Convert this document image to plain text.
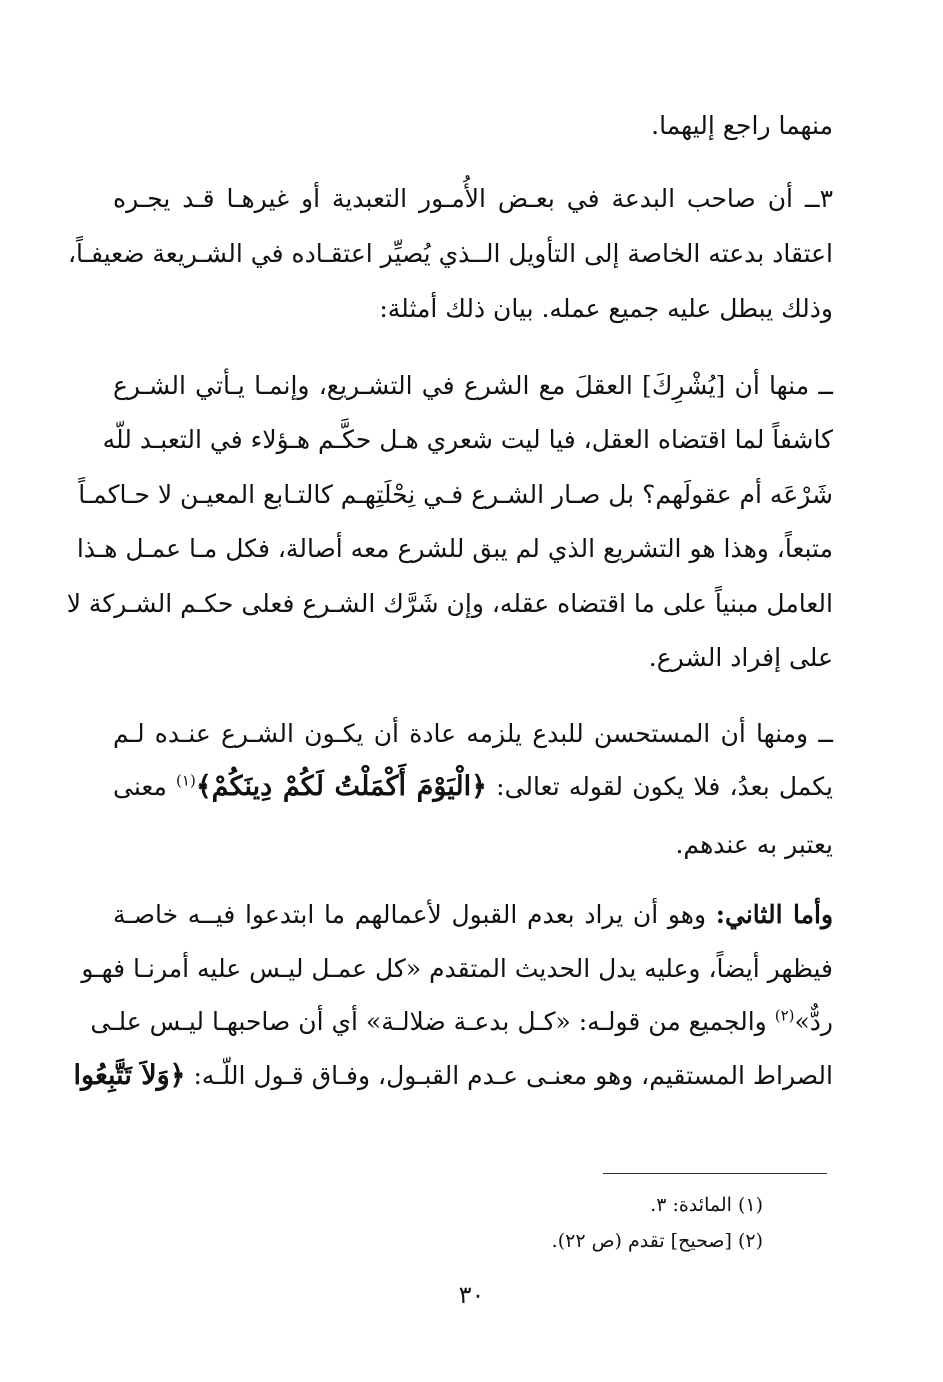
منهما راجع إليهما.
٣ــ أن صاحب البدعة في بعـض الأُمـور التعبدية أو غيرهـا قـد يجـره
اعتقاد بدعته الخاصة إلى التأويل الــذي يُصيِّر اعتقـاده في الشـريعة ضعيفـاً،
وذلك يبطل عليه جميع عمله. بيان ذلك أمثلة:
ــ منها أن [يُشْرِكَ] العقلَ مع الشرع في التشـريع، وإنمـا يـأتي الشـرع
كاشفاً لما اقتضاه العقل، فيا ليت شعري هـل حكَّـم هـؤلاء في التعبـد للّه
شَرْعَه أم عقولَهم؟ بل صـار الشـرع فـي نِحْلَتِهـم كالتـابع المعيـن لا حـاكمـاً
متبعاً، وهذا هو التشريع الذي لم يبق للشرع معه أصالة، فكل مـا عمـل هـذا
العامل مبنياً على ما اقتضاه عقله، وإن شَرَّك الشـرع فعلى حكـم الشـركة لا
على إفراد الشرع.
ــ ومنها أن المستحسن للبدع يلزمه عادة أن يكـون الشـرع عنـده لـم
يكمل بعدُ، فلا يكون لقوله تعالى: ﴿الْيَوْمَ أَكْمَلْتُ لَكُمْ دِينَكُمْ﴾$^{(١)}$ معنى
يعتبر به عندهم.
وأما الثاني: وهو أن يراد بعدم القبول لأعمالهم ما ابتدعوا فيــه خاصـة
فيظهر أيضاً، وعليه يدل الحديث المتقدم «كل عمـل ليـس عليه أمرنـا فهـو
ردٌّ»$^{(٢)}$ والجميع من قولـه: «كـل بدعـة ضلالـة» أي أن صاحبهـا ليـس علـى
الصراط المستقيم، وهو معنـى عـدم القبـول، وفـاق قـول اللّـه: ﴿وَلاَ تَتَّبِعُوا
(١) المائدة: ٣.
(٢) [صحيح] تقدم (ص ٢٢).
٣٠
